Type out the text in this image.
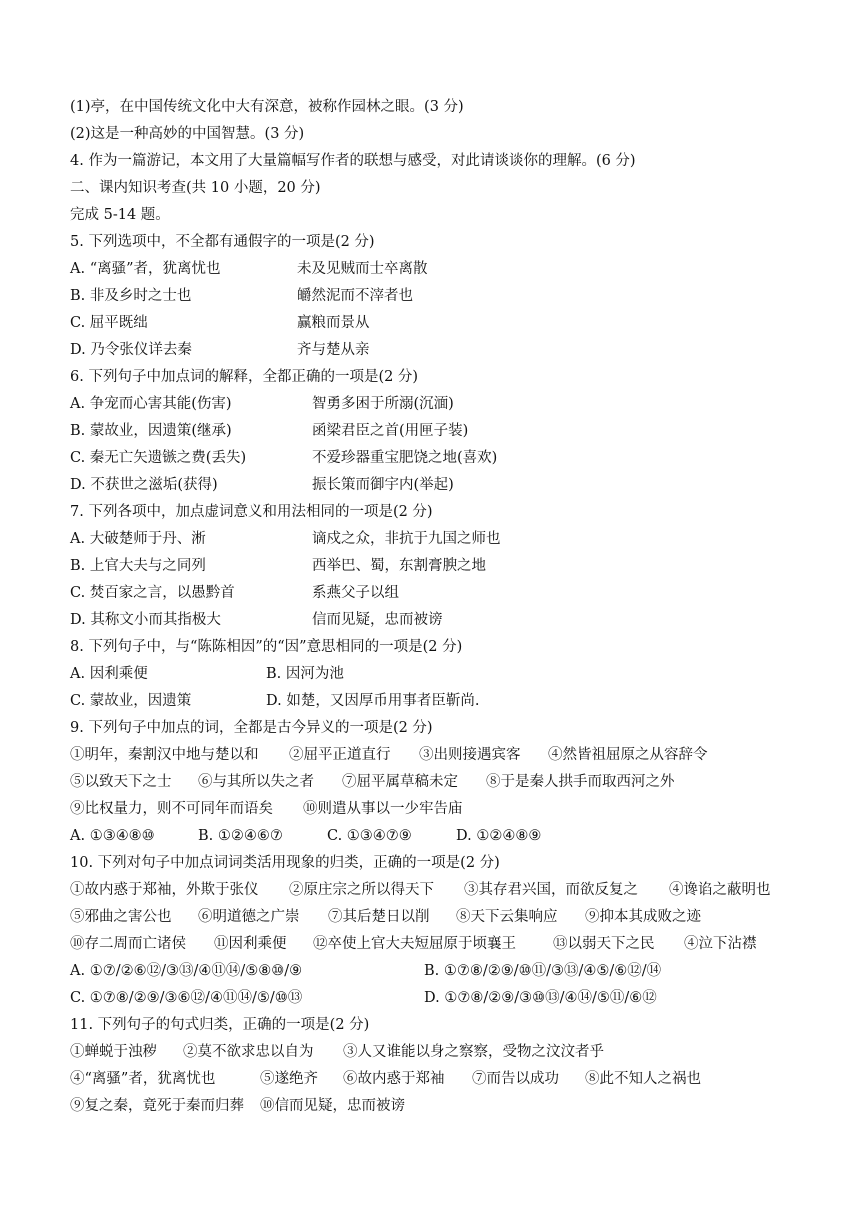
(1)亭，在中国传统文化中大有深意，被称作园林之眼。(3 分)
(2)这是一种高妙的中国智慧。(3 分)
4. 作为一篇游记，本文用了大量篇幅写作者的联想与感受，对此请谈谈你的理解。(6 分)
二、课内知识考查(共 10 小题，20 分)
完成 5-14 题。
5. 下列选项中，不全都有通假字的一项是(2 分)
A. “离骚”者，犹离忧也	未及见贼而士卒离散
B. 非及乡时之士也	皭然泥而不滓者也
C. 屈平既绌	赢粮而景从
D. 乃令张仪详去秦	齐与楚从亲
6. 下列句子中加点词的解释，全都正确的一项是(2 分)
A. 争宠而心害其能(伤害)	智勇多困于所溺(沉湎)
B. 蒙故业，因遗策(继承)	函梁君臣之首(用匣子装)
C. 秦无亡矢遗镞之费(丢失)	不爱珍器重宝肥饶之地(喜欢)
D. 不获世之滋垢(获得)	振长策而御宇内(举起)
7. 下列各项中，加点虚词意义和用法相同的一项是(2 分)
A. 大破楚师于丹、淅	谪戍之众，非抗于九国之师也
B. 上官大夫与之同列	西举巴、蜀，东割膏腴之地
C. 焚百家之言，以愚黔首	系燕父子以组
D. 其称文小而其指极大	信而见疑，忠而被谤
8. 下列句子中，与“陈陈相因”的“因”意思相同的一项是(2 分)
A. 因利乘便	B. 因河为池
C. 蒙故业，因遗策	D. 如楚，又因厚币用事者臣靳尚.
9. 下列句子中加点的词，全都是古今异义的一项是(2 分)
①明年，秦割汉中地与楚以和 ②屈平正道直行 ③出则接遇宾客 ④然皆祖屈原之从容辞令
⑤以致天下之士 ⑥与其所以失之者 ⑦屈平属草稿未定 ⑧于是秦人拱手而取西河之外
⑨比权量力，则不可同年而语矣 ⑩则遣从事以一少牢告庙
A. ①③④⑧⑩	B. ①②④⑥⑦	C. ①③④⑦⑨	D. ①②④⑧⑨
10. 下列对句子中加点词词类活用现象的归类，正确的一项是(2 分)
①故内惑于郑袖，外欺于张仪 ②原庄宗之所以得天下 ③其存君兴国，而欲反复之 ④谗谄之蔽明也
⑤邪曲之害公也 ⑥明道德之广崇 ⑦其后楚日以削 ⑧天下云集响应 ⑨抑本其成败之迹
⑩存二周而亡诸侯 ⑪因利乘便 ⑫卒使上官大夫短屈原于顷襄王	⑬以弱天下之民 ④泣下沾襟
A. ①⑦/②⑥⑫/③⑬/④⑪⑭/⑤⑧⑩/⑨	B. ①⑦⑧/②⑨/⑩⑪/③⑬/④⑤/⑥⑫/⑭
C. ①⑦⑧/②⑨/③⑥⑫/④⑪⑭/⑤/⑩⑬	D. ①⑦⑧/②⑨/③⑩⑬/④⑭/⑤⑪/⑥⑫
11. 下列句子的句式归类，正确的一项是(2 分)
①蝉蜕于浊秽 ②莫不欲求忠以自为 ③人又谁能以身之察察，受物之汶汶者乎
④“离骚”者，犹离忧也	⑤遂绝齐 ⑥故内惑于郑袖 ⑦而告以成功 ⑧此不知人之祸也
⑨复之秦，竟死于秦而归葬 ⑩信而见疑，忠而被谤
